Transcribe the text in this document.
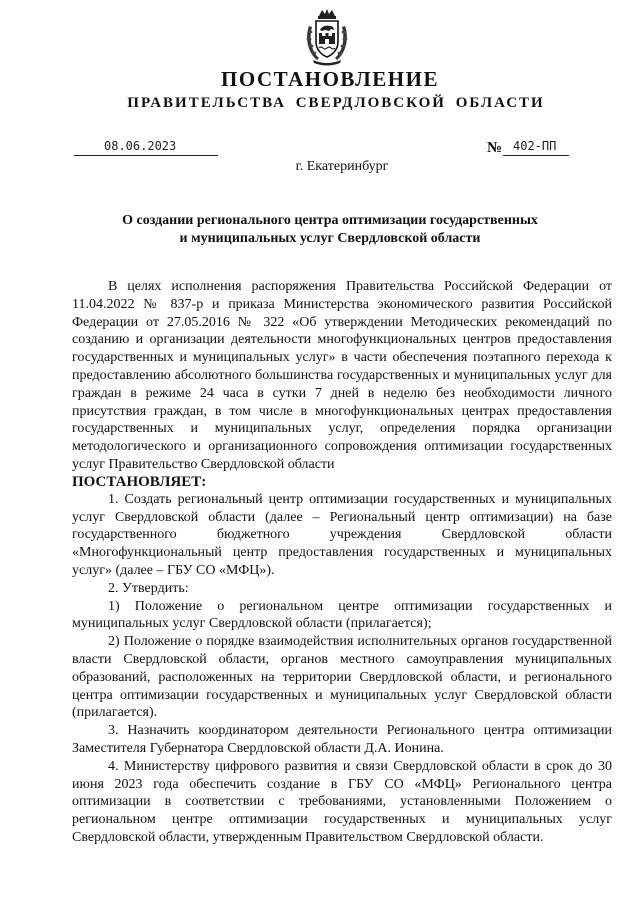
ПОСТАНОВЛЕНИЕ
ПРАВИТЕЛЬСТВА СВЕРДЛОВСКОЙ ОБЛАСТИ
08.06.2023	№ 402-ПП
г. Екатеринбург
О создании регионального центра оптимизации государственных
и муниципальных услуг Свердловской области

В целях исполнения распоряжения Правительства Российской Федерации от 11.04.2022 № 837-р и приказа Министерства экономического развития Российской Федерации от 27.05.2016 № 322 «Об утверждении Методических рекомендаций по созданию и организации деятельности многофункциональных центров предоставления государственных и муниципальных услуг» в части обеспечения поэтапного перехода к предоставлению абсолютного большинства государственных и муниципальных услуг для граждан в режиме 24 часа в сутки 7 дней в неделю без необходимости личного присутствия граждан, в том числе в многофункциональных центрах предоставления государственных и муниципальных услуг, определения порядка организации методологического и организационного сопровождения оптимизации государственных услуг Правительство Свердловской области

ПОСТАНОВЛЯЕТ:

1. Создать региональный центр оптимизации государственных и муниципальных услуг Свердловской области (далее – Региональный центр оптимизации) на базе государственного бюджетного учреждения Свердловской области «Многофункциональный центр предоставления государственных и муниципальных услуг» (далее – ГБУ СО «МФЦ»).

2. Утвердить:

1) Положение о региональном центре оптимизации государственных и муниципальных услуг Свердловской области (прилагается);

2) Положение о порядке взаимодействия исполнительных органов государственной власти Свердловской области, органов местного самоуправления муниципальных образований, расположенных на территории Свердловской области, и регионального центра оптимизации государственных и муниципальных услуг Свердловской области (прилагается).

3. Назначить координатором деятельности Регионального центра оптимизации Заместителя Губернатора Свердловской области Д.А. Ионина.

4. Министерству цифрового развития и связи Свердловской области в срок до 30 июня 2023 года обеспечить создание в ГБУ СО «МФЦ» Регионального центра оптимизации в соответствии с требованиями, установленными Положением о региональном центре оптимизации государственных и муниципальных услуг Свердловской области, утвержденным Правительством Свердловской области.
